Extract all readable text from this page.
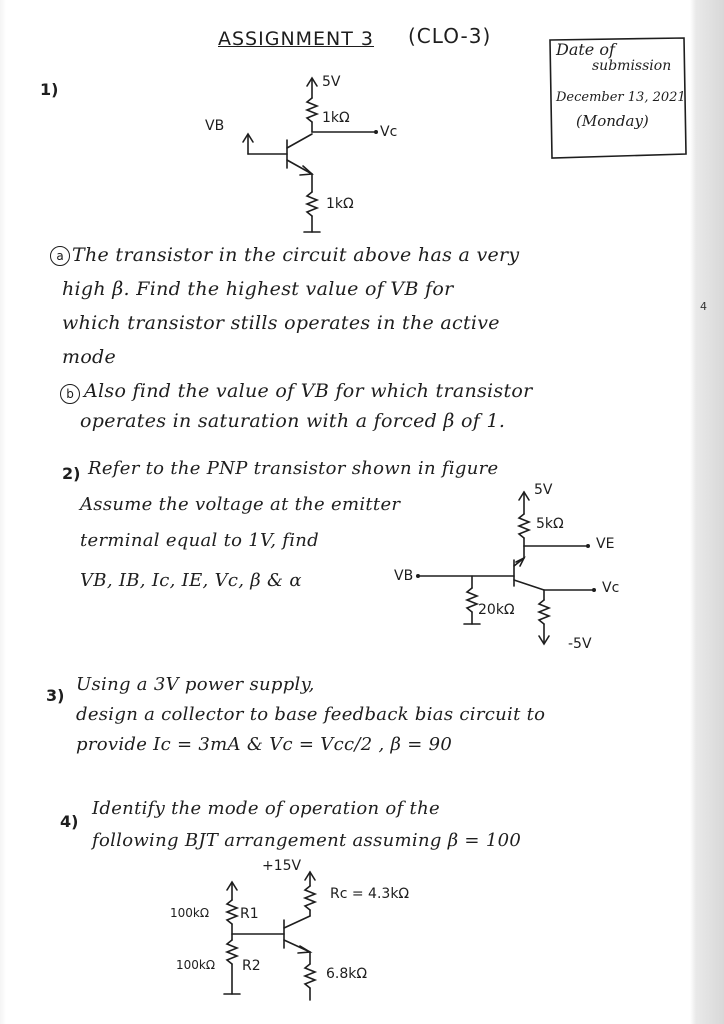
ASSIGNMENT 3 (CLO-3)
Date of
submission
December 13, 2021
(Monday)
4
1)	5V
1kΩ
Vc
VB
1kΩ
a The transistor in the circuit above has a very
high β. Find the highest value of VB for
which transistor stills operates in the active
mode
b Also find the value of VB for which transistor
operates in saturation with a forced β of 1.
2) Refer to the PNP transistor shown in figure
Assume the voltage at the emitter
terminal equal to 1V, find
VB, IB, Ic, IE, Vc, β & α
5V
5kΩ
VE
VB
Vc
20kΩ
-5V
3)
Using a 3V power supply,
design a collector to base feedback bias circuit to
provide Ic = 3mA & Vc = Vcc/2 , β = 90
4)
Identify the mode of operation of the
following BJT arrangement assuming β = 100
+15V
100kΩ R1
100kΩ R2
Rc = 4.3kΩ
6.8kΩ
